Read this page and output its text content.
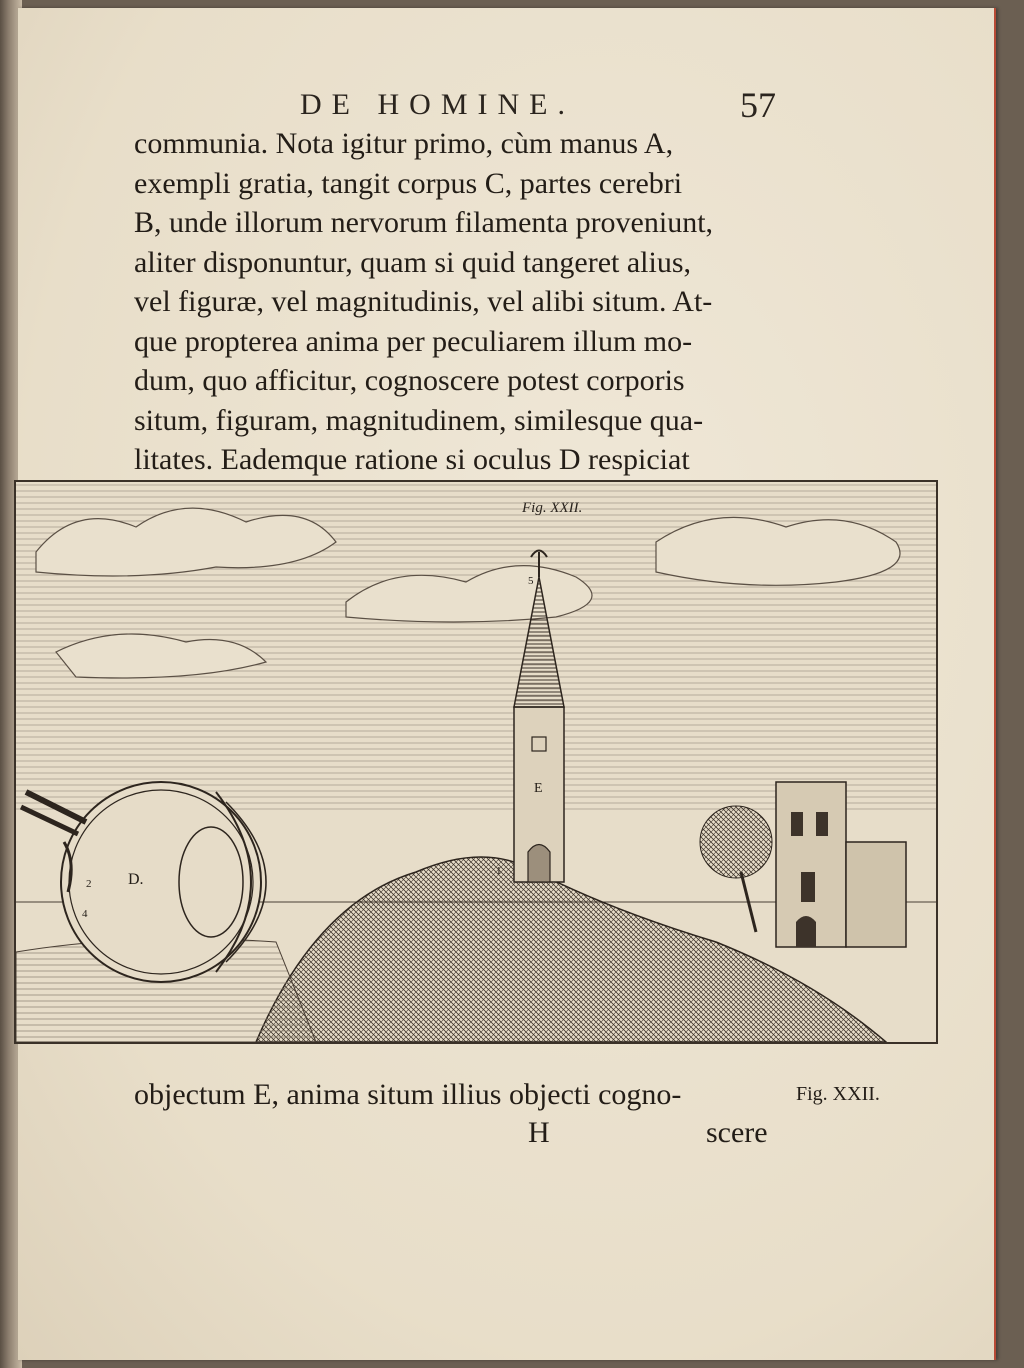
DE HOMINE.	57
communia. Nota igitur primo, cùm manus A,
exempli gratia, tangit corpus C, partes cerebri
B, unde illorum nervorum filamenta proveniunt,
aliter disponuntur, quam si quid tangeret alius,
vel figuræ, vel magnitudinis, vel alibi situm. At-
que propterea anima per peculiarem illum mo-
dum, quo afficitur, cognoscere potest corporis
situm, figuram, magnitudinem, similesque qua-
litates. Eademque ratione si oculus D respiciat
D.
E
5
1
2
4
Fig. XXII.
objectum E, anima situm illius objecti cogno-	Fig. XXII.
H	scere
